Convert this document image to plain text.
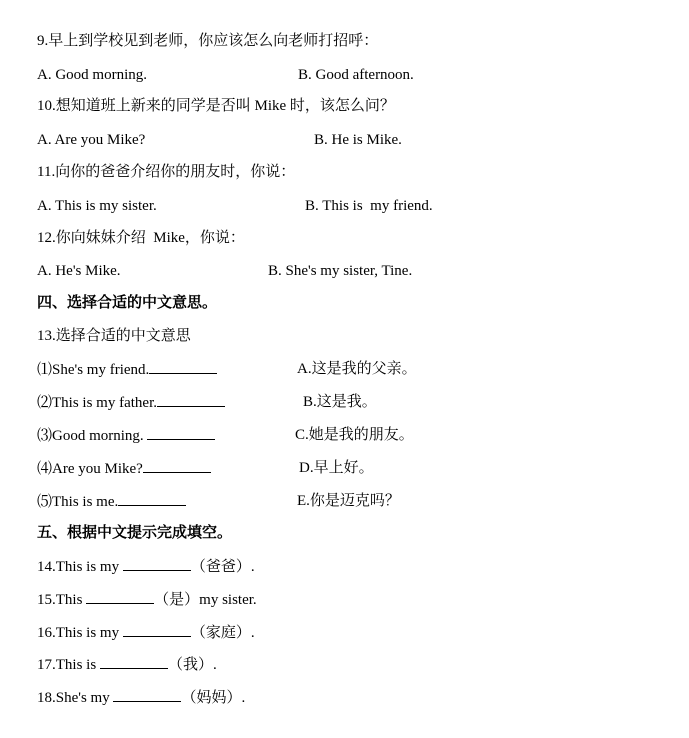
9.早上到学校见到老师，你应该怎么向老师打招呼：
A. Good morning.	B. Good afternoon.
10.想知道班上新来的同学是否叫 Mike 时，该怎么问？
A. Are you Mike?	B. He is Mike.
11.向你的爸爸介绍你的朋友时，你说：
A. This is my sister.	B. This is  my friend.
12.你向妹妹介绍  Mike，你说：
A. He's Mike.	B. She's my sister, Tine.
四、选择合适的中文意思。
13.选择合适的中文意思
⑴She's my friend.	A.这是我的父亲。
⑵This is my father.	B.这是我。
⑶Good morning.	C.她是我的朋友。
⑷Are you Mike?	D.早上好。
⑸This is me.	E.你是迈克吗？
五、根据中文提示完成填空。
14.This is my	（爸爸）.
15.This	（是）my sister.
16.This is my	（家庭）.
17.This is	（我）.
18.She's my	（妈妈）.
